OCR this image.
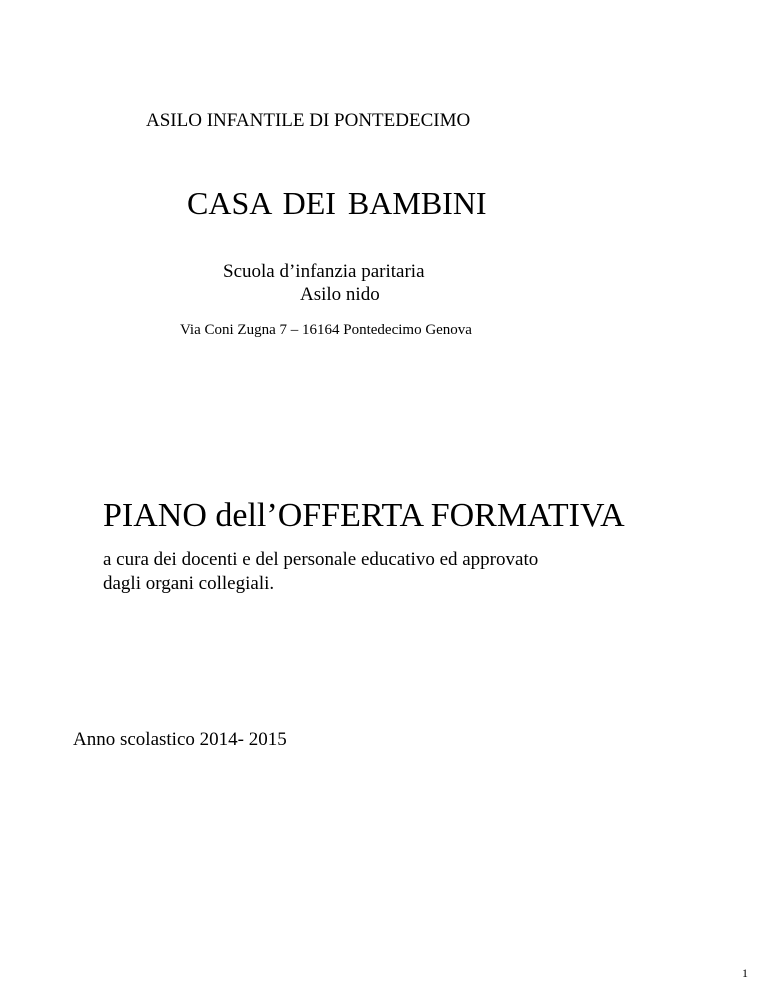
ASILO INFANTILE DI PONTEDECIMO

CASA DEI BAMBINI

Scuola d’infanzia paritaria

Asilo nido

Via Coni Zugna 7 – 16164 Pontedecimo Genova

PIANO dell’OFFERTA FORMATIVA

a cura dei docenti e del personale educativo ed approvato

dagli organi collegiali.

Anno scolastico 2014- 2015

1
